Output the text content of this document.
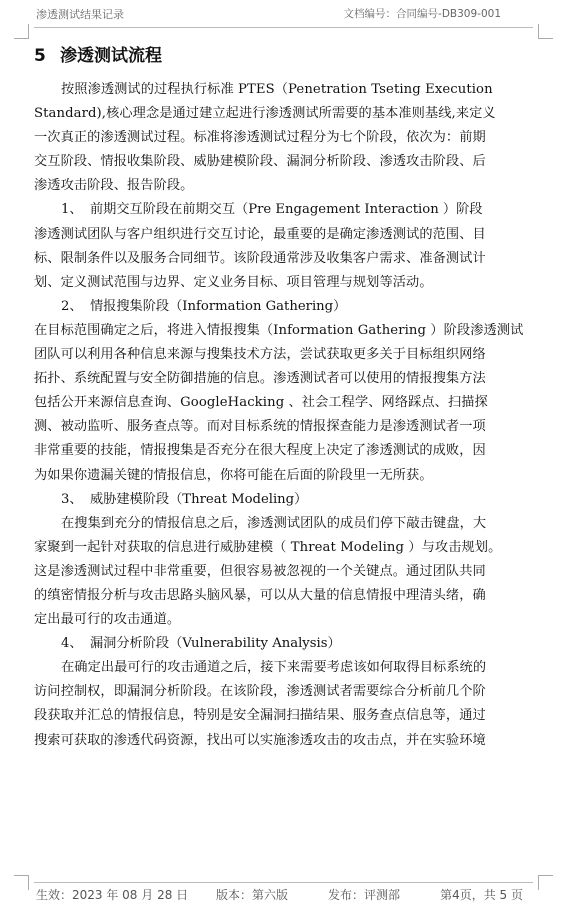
渗透测试结果记录	文档编号：合同编号-DB309-001
5 渗透测试流程

按照渗透测试的过程执行标准 PTES（Penetration Tseting Execution
Standard),核心理念是通过建立起进行渗透测试所需要的基本准则基线,来定义
一次真正的渗透测试过程。标准将渗透测试过程分为七个阶段，依次为：前期
交互阶段、情报收集阶段、威胁建模阶段、漏洞分析阶段、渗透攻击阶段、后
渗透攻击阶段、报告阶段。

1、 前期交互阶段在前期交互（Pre Engagement Interaction ）阶段

渗透测试团队与客户组织进行交互讨论，最重要的是确定渗透测试的范围、目
标、限制条件以及服务合同细节。该阶段通常涉及收集客户需求、准备测试计
划、定义测试范围与边界、定义业务目标、项目管理与规划等活动。

2、 情报搜集阶段（Information Gathering）

在目标范围确定之后，将进入情报搜集（Information Gathering ）阶段渗透测试
团队可以利用各种信息来源与搜集技术方法，尝试获取更多关于目标组织网络
拓扑、系统配置与安全防御措施的信息。渗透测试者可以使用的情报搜集方法
包括公开来源信息查询、GoogleHacking 、社会工程学、网络踩点、扫描探
测、被动监听、服务查点等。而对目标系统的情报探查能力是渗透测试者一项
非常重要的技能，情报搜集是否充分在很大程度上决定了渗透测试的成败，因
为如果你遗漏关键的情报信息，你将可能在后面的阶段里一无所获。

3、 威胁建模阶段（Threat Modeling）

在搜集到充分的情报信息之后，渗透测试团队的成员们停下敲击键盘，大
家聚到一起针对获取的信息进行威胁建模（ Threat Modeling ）与攻击规划。
这是渗透测试过程中非常重要，但很容易被忽视的一个关键点。通过团队共同
的缜密情报分析与攻击思路头脑风暴，可以从大量的信息情报中理清头绪，确
定出最可行的攻击通道。

4、 漏洞分析阶段（Vulnerability Analysis）

在确定出最可行的攻击通道之后，接下来需要考虑该如何取得目标系统的
访问控制权，即漏洞分析阶段。在该阶段，渗透测试者需要综合分析前几个阶
段获取并汇总的情报信息，特别是安全漏洞扫描结果、服务查点信息等，通过
搜索可获取的渗透代码资源，找出可以实施渗透攻击的攻击点，并在实验环境

生效：2023 年 08 月 28 日 版本：第六版	发布：评测部	第4页，共 5 页
